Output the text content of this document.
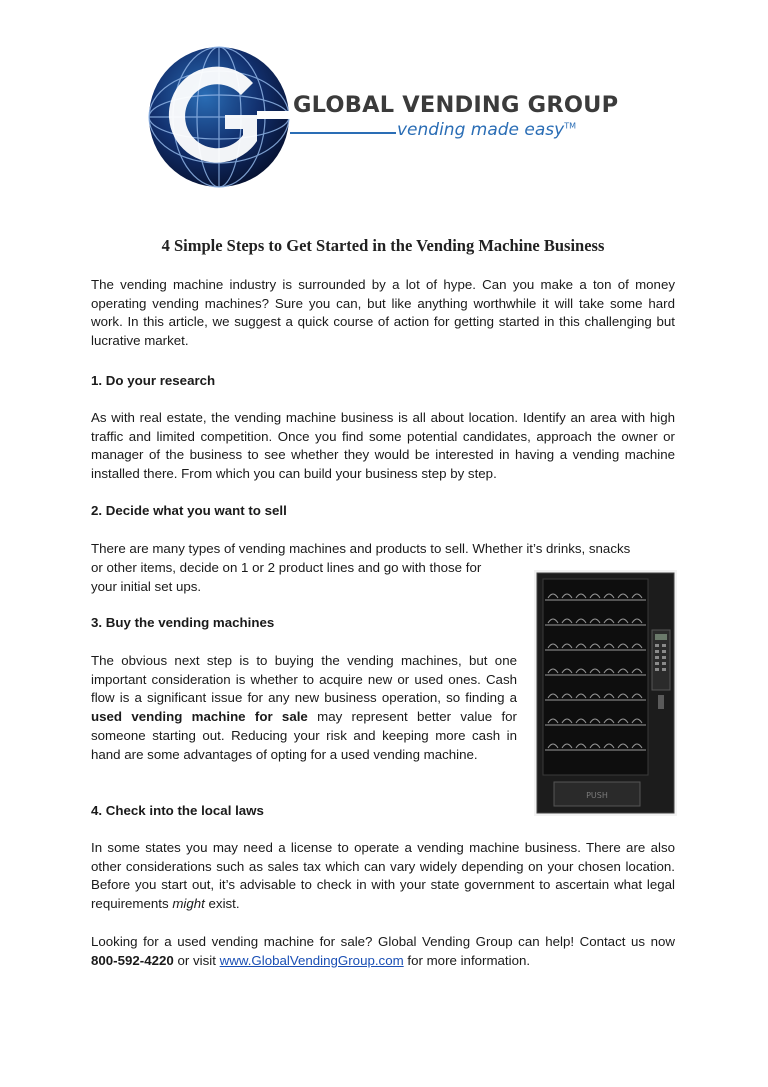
GLOBAL VENDING GROUP
vending made easy™
4 Simple Steps to Get Started in the Vending Machine Business

The vending machine industry is surrounded by a lot of hype. Can you make a ton of money operating vending machines? Sure you can, but like anything worthwhile it will take some hard work. In this article, we suggest a quick course of action for getting started in this challenging but lucrative market.

1. Do your research

As with real estate, the vending machine business is all about location. Identify an area with high traffic and limited competition. Once you find some potential candidates, approach the owner or manager of the business to see whether they would be interested in having a vending machine installed there. From which you can build your business step by step.

2. Decide what you want to sell

There are many types of vending machines and products to sell. Whether it’s drinks, snacks

or other items, decide on 1 or 2 product lines and go with those for

your initial set ups.

3. Buy the vending machines

The obvious next step is to buying the vending machines, but one important consideration is whether to acquire new or used ones. Cash flow is a significant issue for any new business operation, so finding a used vending machine for sale may represent better value for someone starting out. Reducing your risk and keeping more cash in hand are some advantages of opting for a used vending machine.

PUSH

4. Check into the local laws

In some states you may need a license to operate a vending machine business. There are also other considerations such as sales tax which can vary widely depending on your chosen location. Before you start out, it’s advisable to check in with your state government to ascertain what legal requirements might exist.

Looking for a used vending machine for sale? Global Vending Group can help! Contact us now 800-592-4220 or visit www.GlobalVendingGroup.com for more information.
